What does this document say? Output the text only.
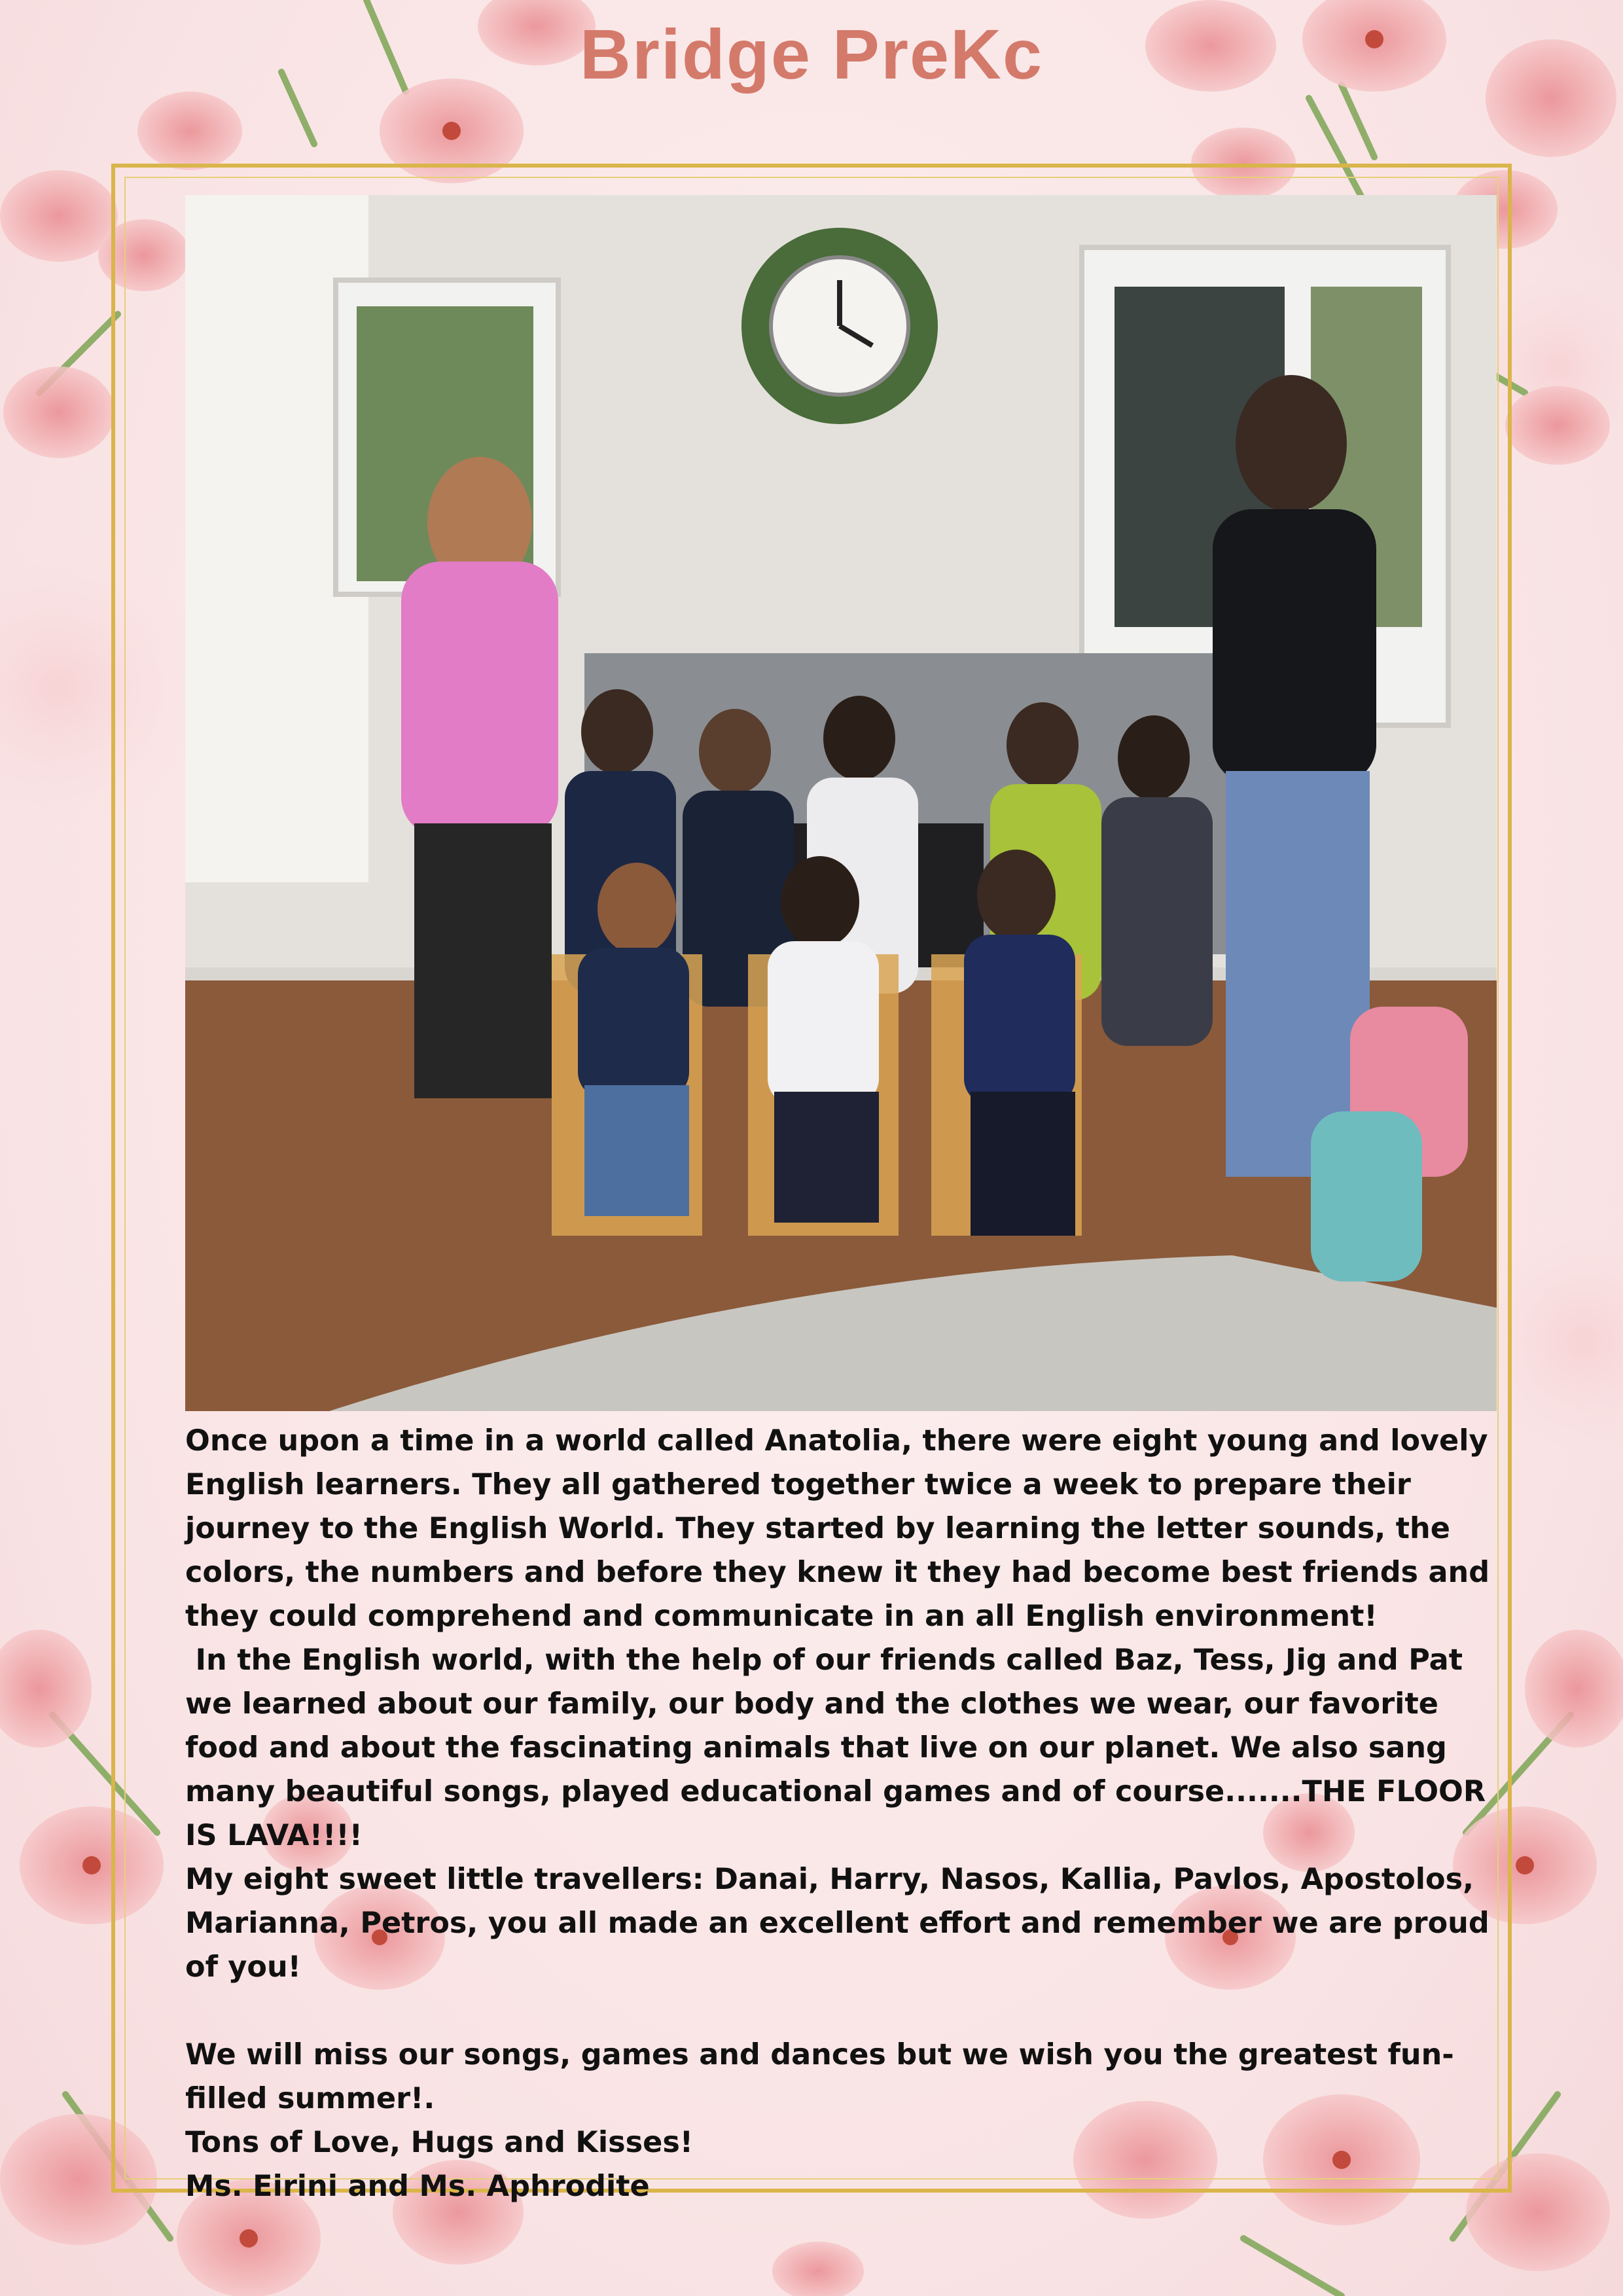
Bridge PreKc

Once upon a time in a world called Anatolia, there were eight young and lovely English learners. They all gathered together twice a week to prepare their journey to the English World. They started by learning the letter sounds, the colors, the numbers and before they knew it they had become best friends and they could comprehend and communicate in an all English environment!

In the English world, with the help of our friends called Baz, Tess, Jig and Pat we learned about our family, our body and the clothes we wear, our favorite food and about the fascinating animals that live on our planet. We also sang many beautiful songs, played educational games and of course.......THE FLOOR IS LAVA!!!!

My eight sweet little travellers: Danai, Harry, Nasos, Kallia, Pavlos, Apostolos, Marianna, Petros, you all made an excellent effort and remember we are proud of you!

We will miss our songs, games and dances but we wish you the greatest fun-filled summer!.

Tons of Love, Hugs and Kisses!

Ms. Eirini and Ms. Aphrodite
